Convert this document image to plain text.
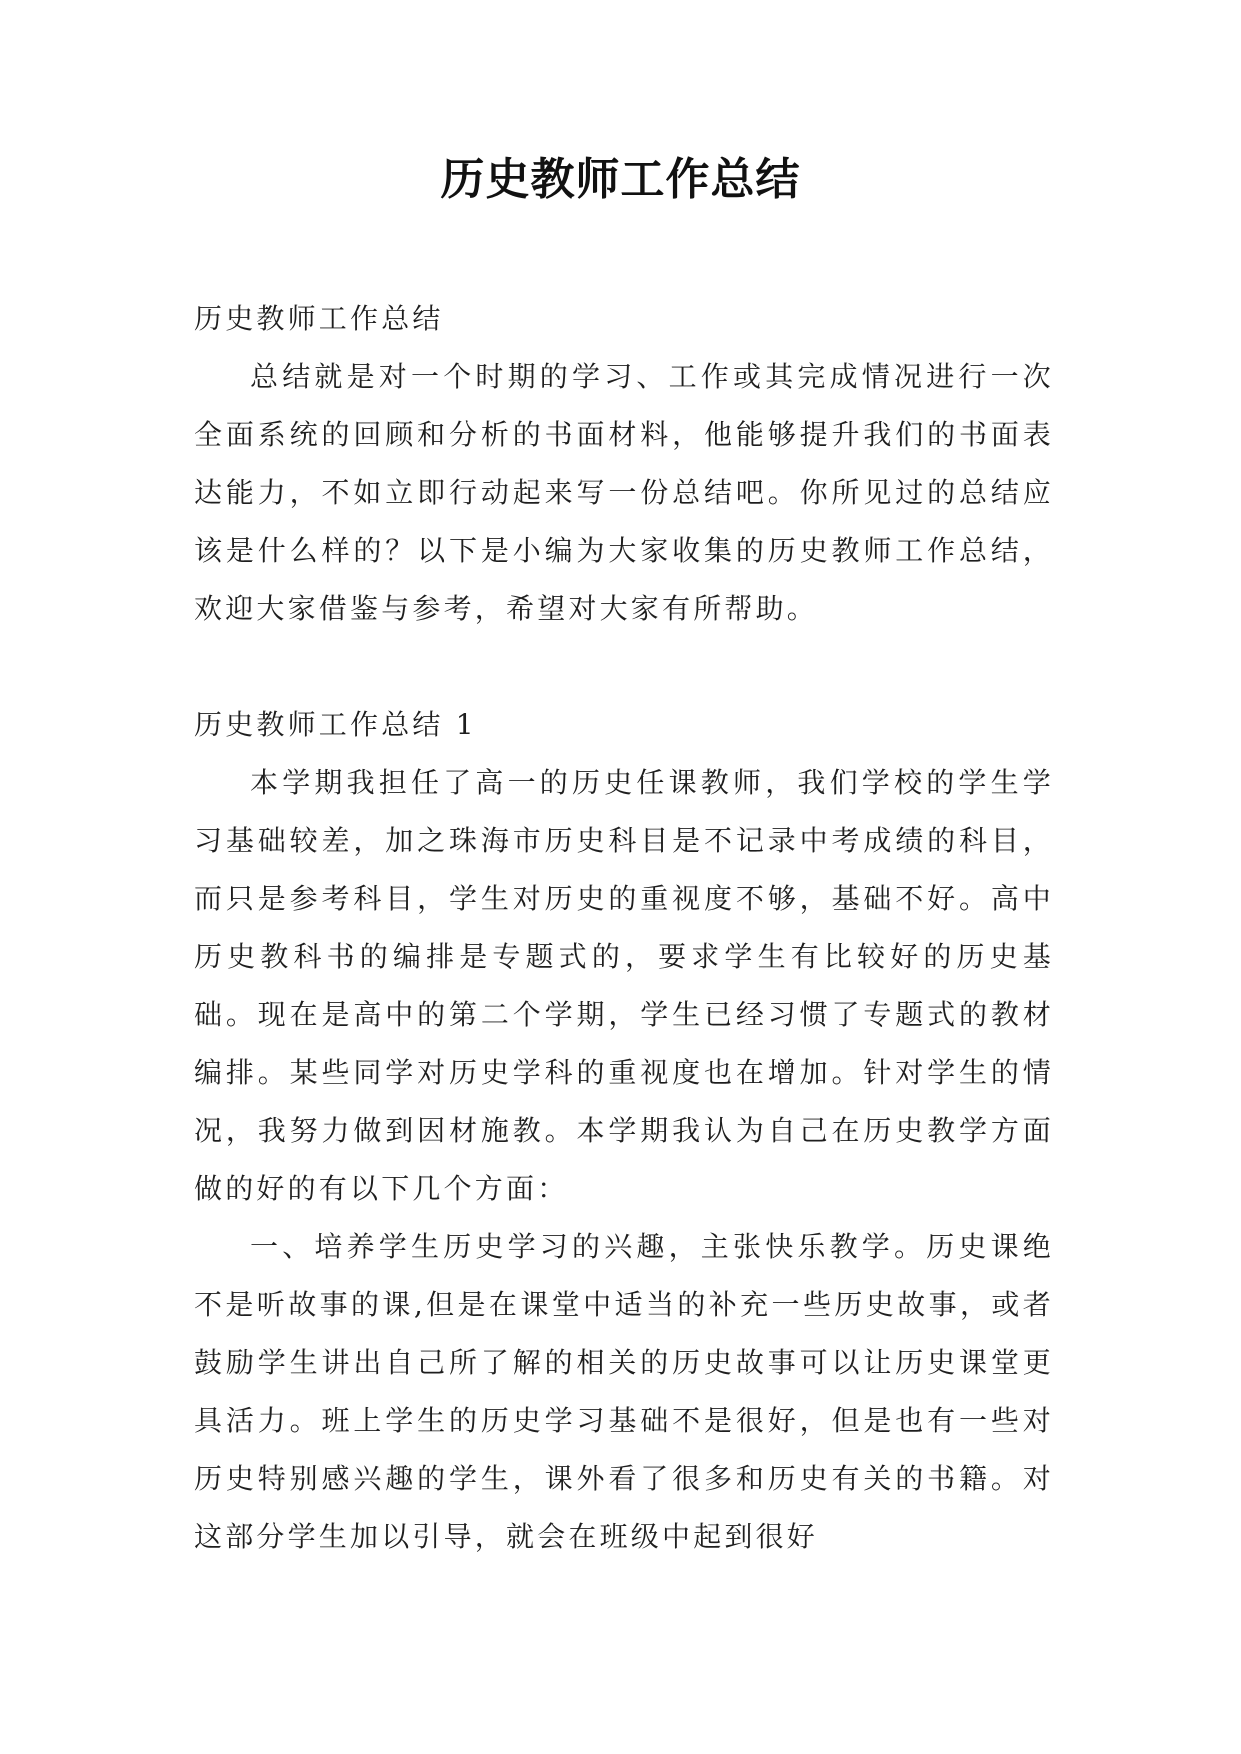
历史教师工作总结

历史教师工作总结

总结就是对一个时期的学习、工作或其完成情况进行一次全面系统的回顾和分析的书面材料，他能够提升我们的书面表达能力，不如立即行动起来写一份总结吧。你所见过的总结应该是什么样的？以下是小编为大家收集的历史教师工作总结，欢迎大家借鉴与参考，希望对大家有所帮助。

历史教师工作总结 1

本学期我担任了高一的历史任课教师，我们学校的学生学习基础较差，加之珠海市历史科目是不记录中考成绩的科目，而只是参考科目，学生对历史的重视度不够，基础不好。高中历史教科书的编排是专题式的，要求学生有比较好的历史基础。现在是高中的第二个学期，学生已经习惯了专题式的教材编排。某些同学对历史学科的重视度也在增加。针对学生的情况，我努力做到因材施教。本学期我认为自己在历史教学方面做的好的有以下几个方面：

一、培养学生历史学习的兴趣，主张快乐教学。历史课绝不是听故事的课,但是在课堂中适当的补充一些历史故事，或者鼓励学生讲出自己所了解的相关的历史故事可以让历史课堂更具活力。班上学生的历史学习基础不是很好，但是也有一些对历史特别感兴趣的学生，课外看了很多和历史有关的书籍。对这部分学生加以引导，就会在班级中起到很好
